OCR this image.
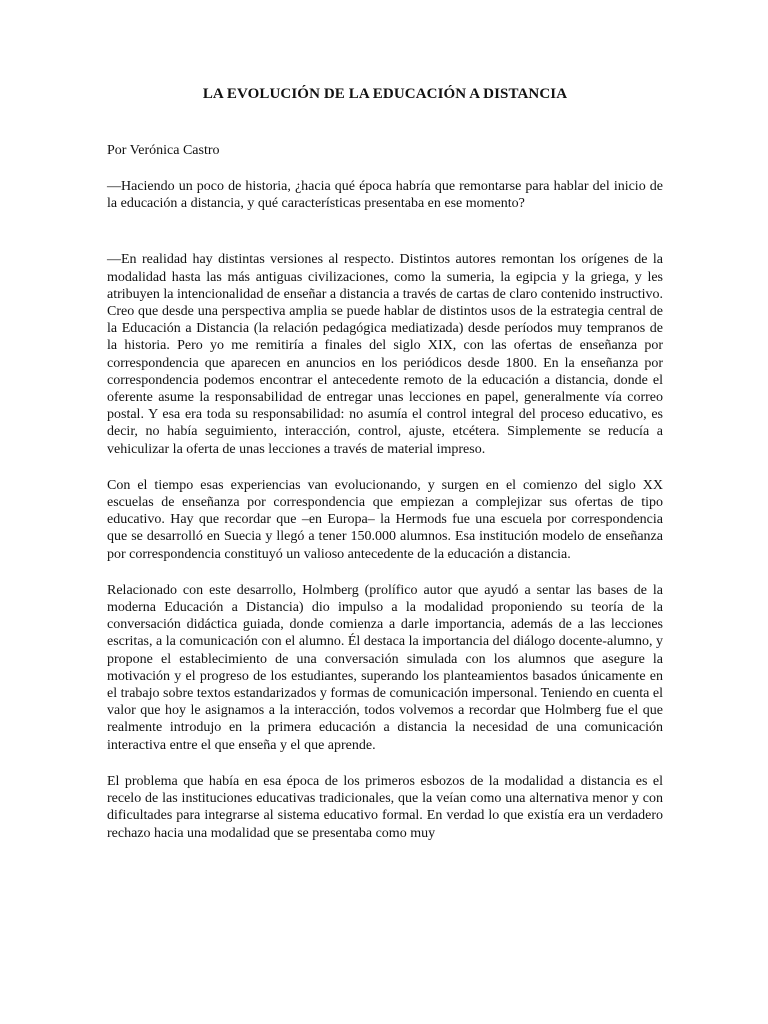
LA EVOLUCIÓN DE LA EDUCACIÓN A DISTANCIA
Por Verónica Castro

—Haciendo un poco de historia, ¿hacia qué época habría que remontarse para hablar del inicio de la educación a distancia, y qué características presentaba en ese momento?

—En realidad hay distintas versiones al respecto. Distintos autores remontan los orígenes de la modalidad hasta las más antiguas civilizaciones, como la sumeria, la egipcia y la griega, y les atribuyen la intencionalidad de enseñar a distancia a través de cartas de claro contenido instructivo. Creo que desde una perspectiva amplia se puede hablar de distintos usos de la estrategia central de la Educación a Distancia (la relación pedagógica mediatizada) desde períodos muy tempranos de la historia. Pero yo me remitiría a finales del siglo XIX, con las ofertas de enseñanza por correspondencia que aparecen en anuncios en los periódicos desde 1800. En la enseñanza por correspondencia podemos encontrar el antecedente remoto de la educación a distancia, donde el oferente asume la responsabilidad de entregar unas lecciones en papel, generalmente vía correo postal. Y esa era toda su responsabilidad: no asumía el control integral del proceso educativo, es decir, no había seguimiento, interacción, control, ajuste, etcétera. Simplemente se reducía a vehiculizar la oferta de unas lecciones a través de material impreso.

Con el tiempo esas experiencias van evolucionando, y surgen en el comienzo del siglo XX escuelas de enseñanza por correspondencia que empiezan a complejizar sus ofertas de tipo educativo. Hay que recordar que –en Europa– la Hermods fue una escuela por correspondencia que se desarrolló en Suecia y llegó a tener 150.000 alumnos. Esa institución modelo de enseñanza por correspondencia constituyó un valioso antecedente de la educación a distancia.

Relacionado con este desarrollo, Holmberg (prolífico autor que ayudó a sentar las bases de la moderna Educación a Distancia) dio impulso a la modalidad proponiendo su teoría de la conversación didáctica guiada, donde comienza a darle importancia, además de a las lecciones escritas, a la comunicación con el alumno. Él destaca la importancia del diálogo docente-alumno, y propone el establecimiento de una conversación simulada con los alumnos que asegure la motivación y el progreso de los estudiantes, superando los planteamientos basados únicamente en el trabajo sobre textos estandarizados y formas de comunicación impersonal. Teniendo en cuenta el valor que hoy le asignamos a la interacción, todos volvemos a recordar que Holmberg fue el que realmente introdujo en la primera educación a distancia la necesidad de una comunicación interactiva entre el que enseña y el que aprende.

El problema que había en esa época de los primeros esbozos de la modalidad a distancia es el recelo de las instituciones educativas tradicionales, que la veían como una alternativa menor y con dificultades para integrarse al sistema educativo formal. En verdad lo que existía era un verdadero rechazo hacia una modalidad que se presentaba como muy
